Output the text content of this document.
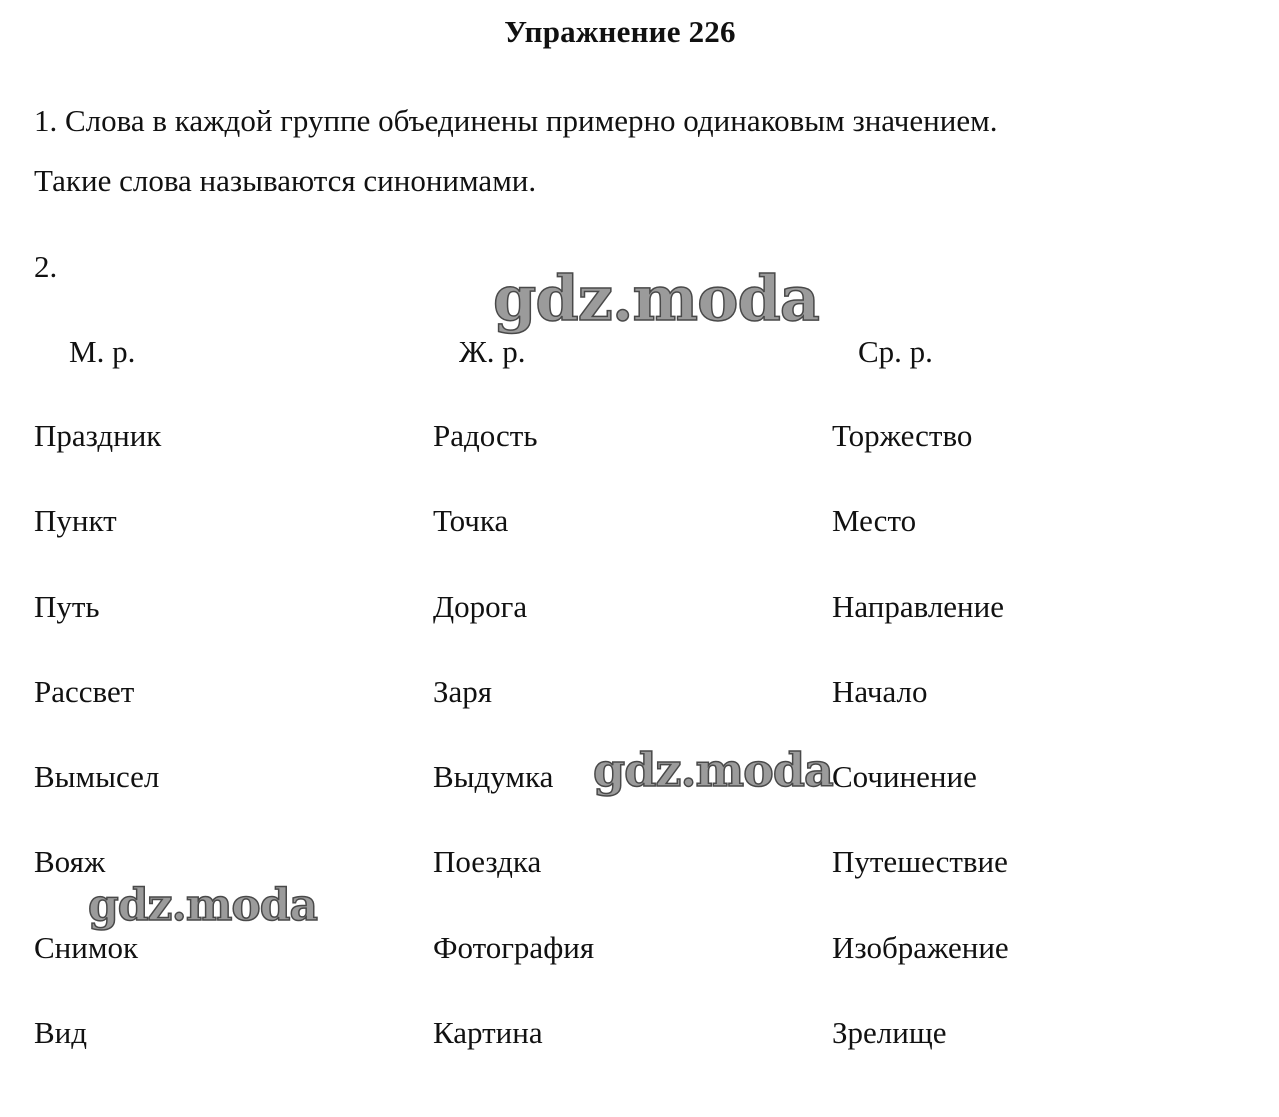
Упражнение 226
1. Слова в каждой группе объединены примерно одинаковым значением.
Такие слова называются синонимами.
2.
М. р.	Ж. р.	Ср. р.
Праздник	Радость	Торжество
Пункт	Точка	Место
Путь	Дорога	Направление
Рассвет	Заря	Начало
Вымысел	Выдумка	Сочинение
Вояж	Поездка	Путешествие
Снимок	Фотография	Изображение
Вид	Картина	Зрелище
gdz.moda
gdz.moda
gdz.moda
